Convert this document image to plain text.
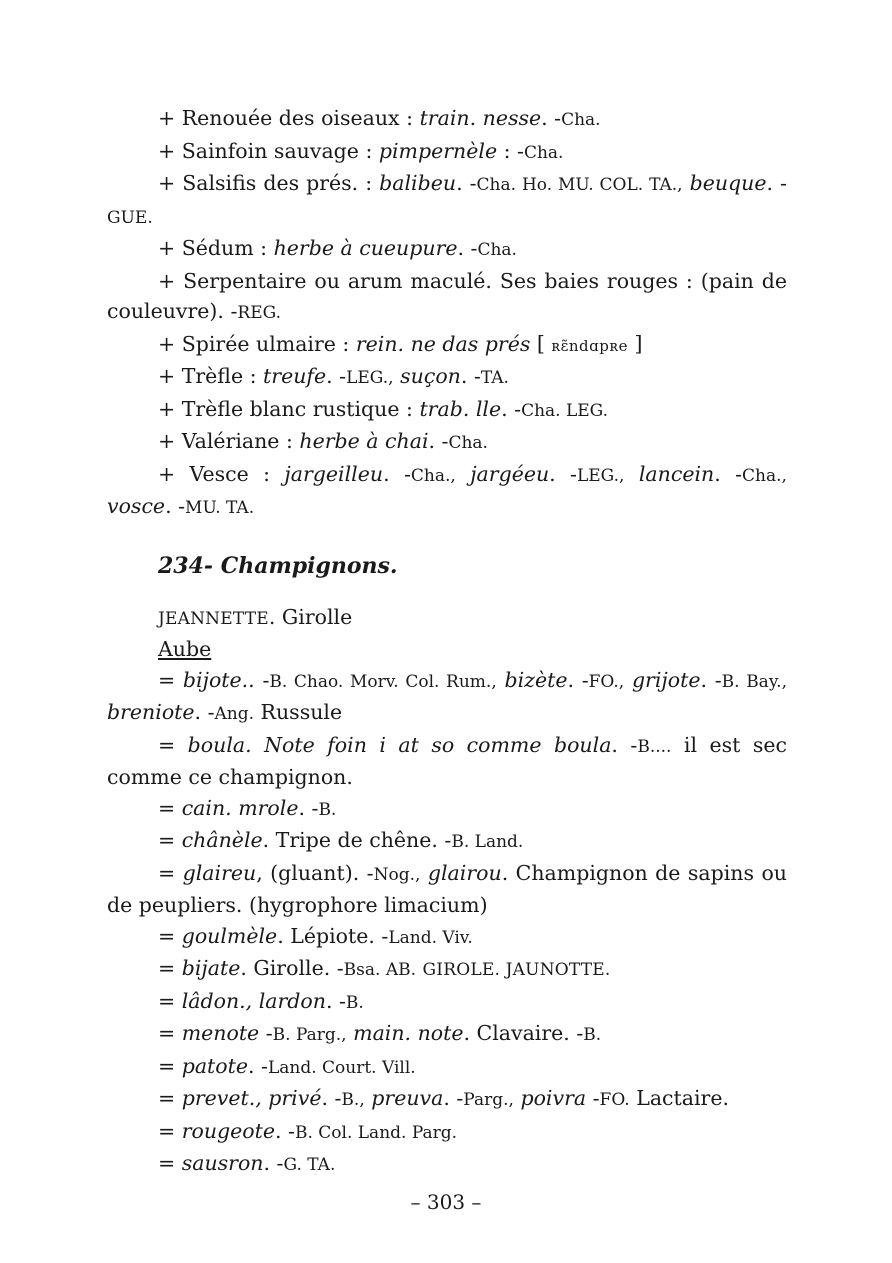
+ Renouée des oiseaux : train. nesse. -Cha.

+ Sainfoin sauvage : pimpernèle : -Cha.

+ Salsifis des prés. : balibeu. -Cha. Ho. MU. COL. TA., beuque. -GUE.

+ Sédum : herbe à cueupure. -Cha.

+ Serpentaire ou arum maculé. Ses baies rouges : (pain de couleuvre). -REG.

+ Spirée ulmaire : rein. ne das prés [ ʀɛ̃ndɑpʀe ]

+ Trèfle : treufe. -LEG., suçon. -TA.

+ Trèfle blanc rustique : trab. lle. -Cha. LEG.

+ Valériane : herbe à chai. -Cha.

+ Vesce : jargeilleu. -Cha., jargéeu. -LEG., lancein. -Cha., vosce. -MU. TA.

234- Champignons.

JEANNETTE. Girolle

Aube

= bijote.. -B. Chao. Morv. Col. Rum., bizète. -FO., grijote. -B. Bay., breniote. -Ang. Russule

= boula. Note foin i at so comme boula. -B.... il est sec comme ce champignon.

= cain. mrole. -B.

= chânèle. Tripe de chêne. -B. Land.

= glaireu, (gluant). -Nog., glairou. Champignon de sapins ou de peupliers. (hygrophore limacium)

= goulmèle. Lépiote. -Land. Viv.

= bijate. Girolle. -Bsa. AB. GIROLE. JAUNOTTE.

= lâdon., lardon. -B.

= menote -B. Parg., main. note. Clavaire. -B.

= patote. -Land. Court. Vill.

= prevet., privé. -B., preuva. -Parg., poivra -FO. Lactaire.

= rougeote. -B. Col. Land. Parg.

= sausron. -G. TA.

– 303 –
